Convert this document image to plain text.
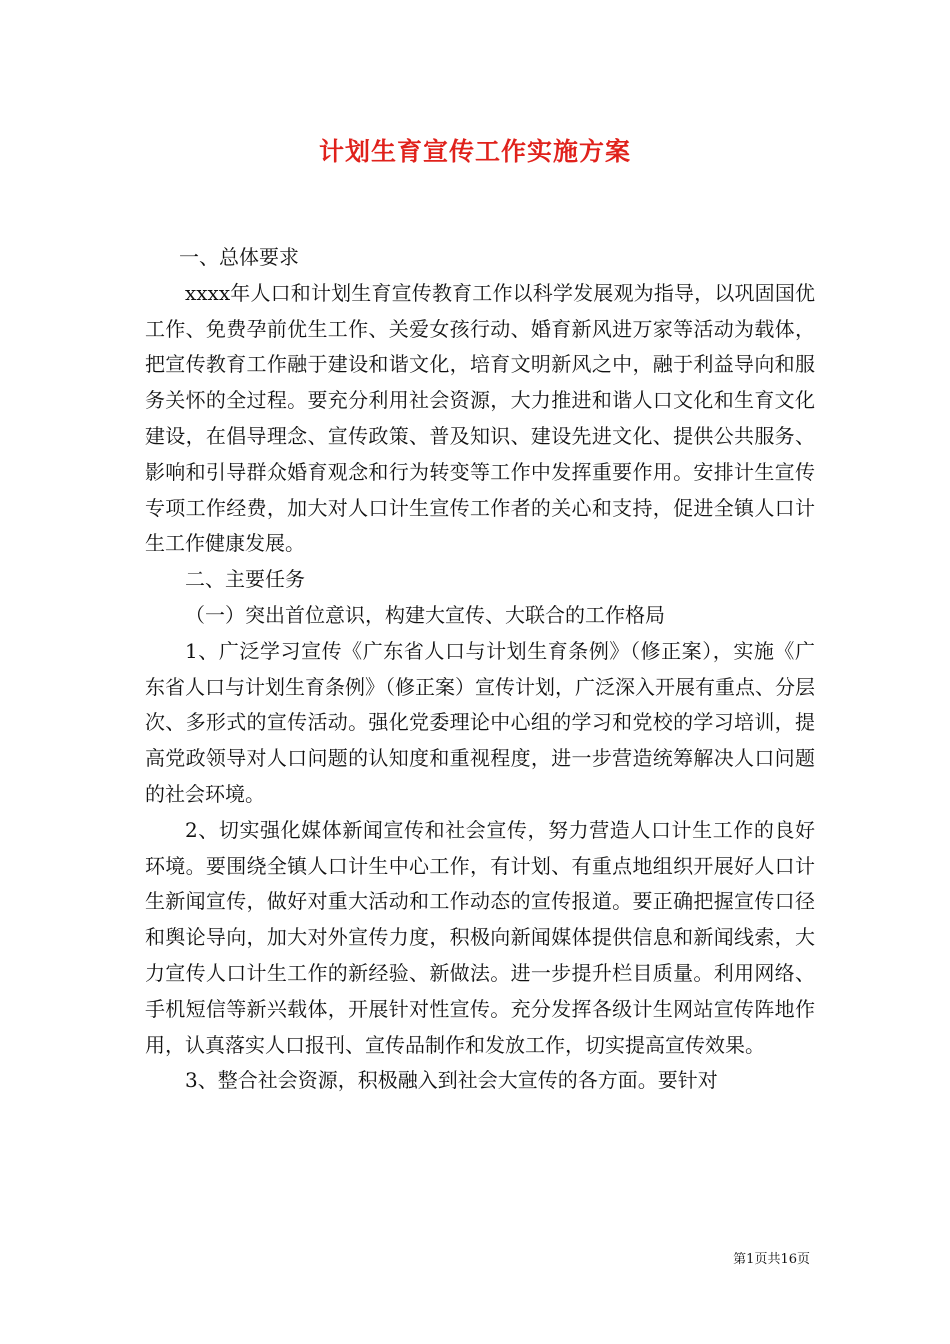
计划生育宣传工作实施方案

一、总体要求

xxxx年人口和计划生育宣传教育工作以科学发展观为指导，以巩固国优工作、免费孕前优生工作、关爱女孩行动、婚育新风进万家等活动为载体，把宣传教育工作融于建设和谐文化，培育文明新风之中，融于利益导向和服务关怀的全过程。要充分利用社会资源，大力推进和谐人口文化和生育文化建设，在倡导理念、宣传政策、普及知识、建设先进文化、提供公共服务、影响和引导群众婚育观念和行为转变等工作中发挥重要作用。安排计生宣传专项工作经费，加大对人口计生宣传工作者的关心和支持，促进全镇人口计生工作健康发展。

二、主要任务

（一）突出首位意识，构建大宣传、大联合的工作格局

1、广泛学习宣传《广东省人口与计划生育条例》（修正案），实施《广东省人口与计划生育条例》（修正案）宣传计划，广泛深入开展有重点、分层次、多形式的宣传活动。强化党委理论中心组的学习和党校的学习培训，提高党政领导对人口问题的认知度和重视程度，进一步营造统筹解决人口问题的社会环境。

2、切实强化媒体新闻宣传和社会宣传，努力营造人口计生工作的良好环境。要围绕全镇人口计生中心工作，有计划、有重点地组织开展好人口计生新闻宣传，做好对重大活动和工作动态的宣传报道。要正确把握宣传口径和舆论导向，加大对外宣传力度，积极向新闻媒体提供信息和新闻线索，大力宣传人口计生工作的新经验、新做法。进一步提升栏目质量。利用网络、手机短信等新兴载体，开展针对性宣传。充分发挥各级计生网站宣传阵地作用，认真落实人口报刊、宣传品制作和发放工作，切实提高宣传效果。

3、整合社会资源，积极融入到社会大宣传的各方面。要针对

第1页共16页
